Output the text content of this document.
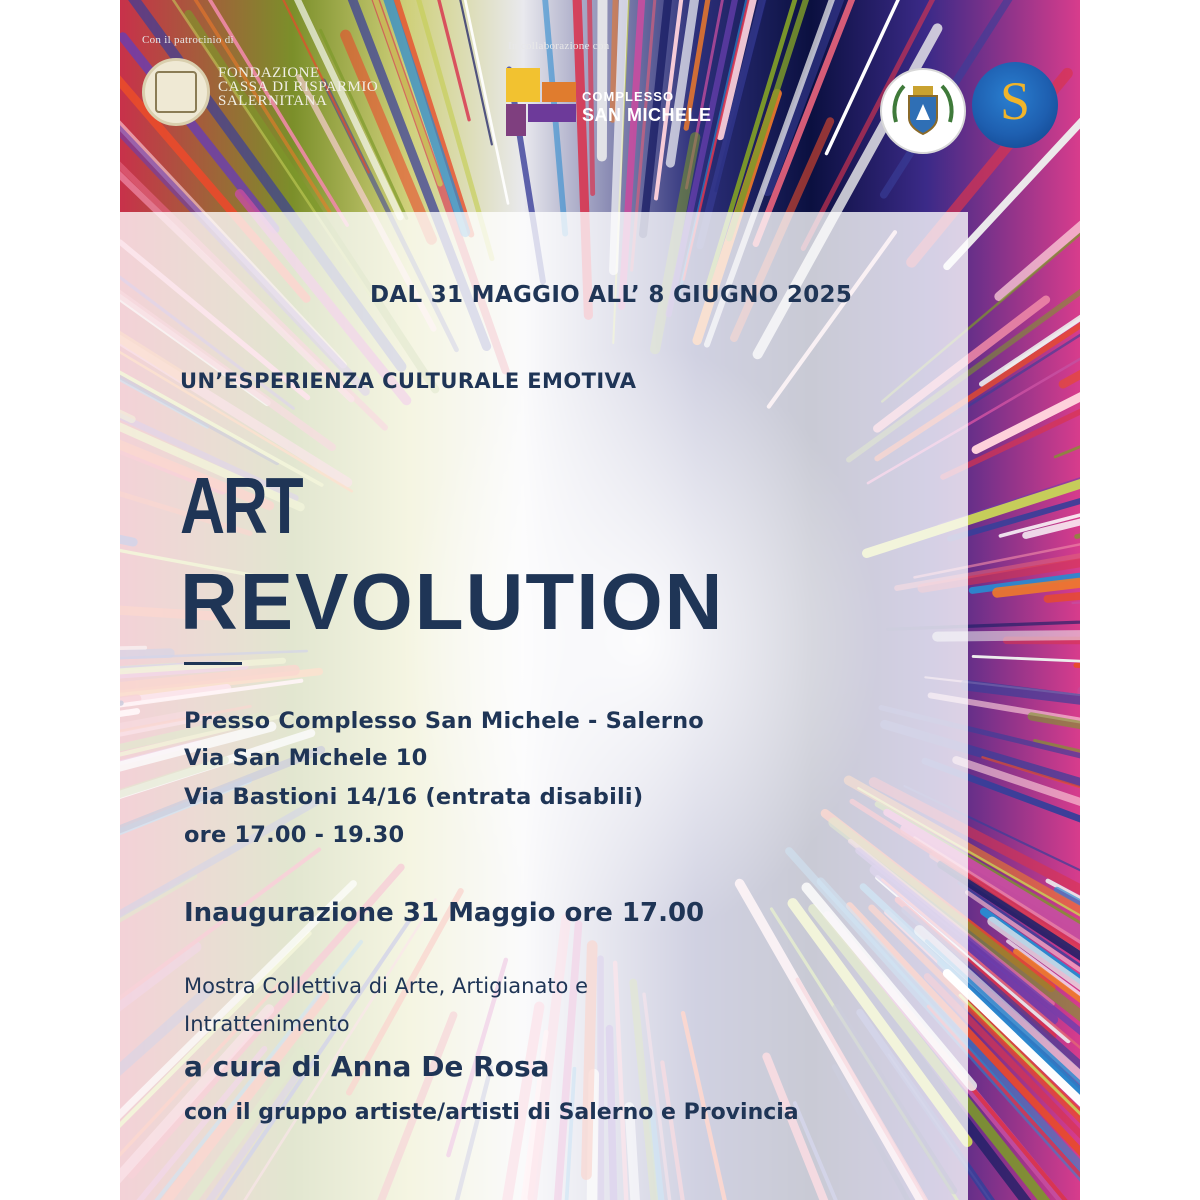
Con il patrocinio di
FONDAZIONE
CASSA DI RISPARMIO
SALERNITANA
In collaborazione con
COMPLESSO
SAN MICHELE	S
DAL 31 MAGGIO ALL’ 8 GIUGNO 2025
UN’ESPERIENZA CULTURALE EMOTIVA
ART
REVOLUTION
Presso Complesso San Michele - Salerno
Via San Michele 10
Via Bastioni 14/16 (entrata disabili)
ore 17.00 - 19.30
Inaugurazione 31 Maggio ore 17.00
Mostra Collettiva di Arte, Artigianato e
Intrattenimento
a cura di Anna De Rosa
con il gruppo artiste/artisti di Salerno e Provincia
